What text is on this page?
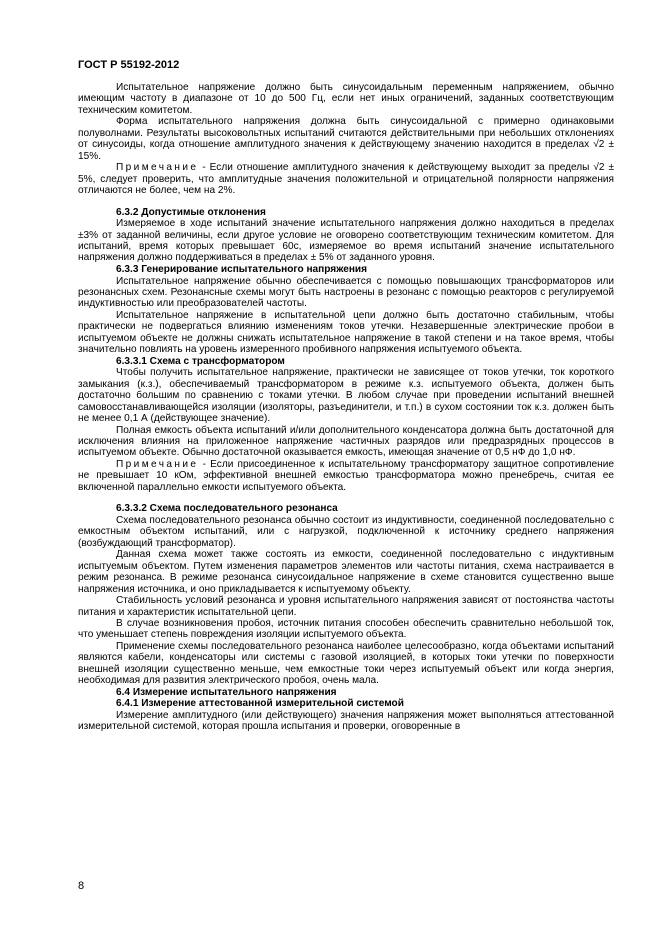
ГОСТ Р 55192-2012

Испытательное напряжение должно быть синусоидальным переменным напряжением, обычно имеющим частоту в диапазоне от 10 до 500 Гц, если нет иных ограничений, заданных соответствующим техническим комитетом.

Форма испытательного напряжения должна быть синусоидальной с примерно одинаковыми полуволнами. Результаты высоковольтных испытаний считаются действительными при небольших отклонениях от синусоиды, когда отношение амплитудного значения к действующему значению находится в пределах √2 ± 15%.

Примечание - Если отношение амплитудного значения к действующему выходит за пределы √2 ± 5%, следует проверить, что амплитудные значения положительной и отрицательной полярности напряжения отличаются не более, чем на 2%.

6.3.2 Допустимые отклонения

Измеряемое в ходе испытаний значение испытательного напряжения должно находиться в пределах ±3% от заданной величины, если другое условие не оговорено соответствующим техническим комитетом. Для испытаний, время которых превышает 60с, измеряемое во время испытаний значение испытательного напряжения должно поддерживаться в пределах ± 5% от заданного уровня.

6.3.3 Генерирование испытательного напряжения

Испытательное напряжение обычно обеспечивается с помощью повышающих трансформаторов или резонансных схем. Резонансные схемы могут быть настроены в резонанс с помощью реакторов с регулируемой индуктивностью или преобразователей частоты.

Испытательное напряжение в испытательной цепи должно быть достаточно стабильным, чтобы практически не подвергаться влиянию изменениям токов утечки. Незавершенные электрические пробои в испытуемом объекте не должны снижать испытательное напряжение в такой степени и на такое время, чтобы значительно повлиять на уровень измеренного пробивного напряжения испытуемого объекта.

6.3.3.1 Схема с трансформатором

Чтобы получить испытательное напряжение, практически не зависящее от токов утечки, ток короткого замыкания (к.з.), обеспечиваемый трансформатором в режиме к.з. испытуемого объекта, должен быть достаточно большим по сравнению с токами утечки. В любом случае при проведении испытаний внешней самовосстанавливающейся изоляции (изоляторы, разъединители, и т.п.) в сухом состоянии ток к.з. должен быть не менее 0,1 А (действующее значение).

Полная емкость объекта испытаний и/или дополнительного конденсатора должна быть достаточной для исключения влияния на приложенное напряжение частичных разрядов или предразрядных процессов в испытуемом объекте. Обычно достаточной оказывается емкость, имеющая значение от 0,5 нФ до 1,0 нФ.

Примечание - Если присоединенное к испытательному трансформатору защитное сопротивление не превышает 10 кОм, эффективной внешней емкостью трансформатора можно пренебречь, считая ее включенной параллельно емкости испытуемого объекта.

6.3.3.2 Схема последовательного резонанса

Схема последовательного резонанса обычно состоит из индуктивности, соединенной последовательно с емкостным объектом испытаний, или с нагрузкой, подключенной к источнику среднего напряжения (возбуждающий трансформатор).

Данная схема может также состоять из емкости, соединенной последовательно с индуктивным испытуемым объектом. Путем изменения параметров элементов или частоты питания, схема настраивается в режим резонанса. В режиме резонанса синусоидальное напряжение в схеме становится существенно выше напряжения источника, и оно прикладывается к испытуемому объекту.

Стабильность условий резонанса и уровня испытательного напряжения зависят от постоянства частоты питания и характеристик испытательной цепи.

В случае возникновения пробоя, источник питания способен обеспечить сравнительно небольшой ток, что уменьшает степень повреждения изоляции испытуемого объекта.

Применение схемы последовательного резонанса наиболее целесообразно, когда объектами испытаний являются кабели, конденсаторы или системы с газовой изоляцией, в которых токи утечки по поверхности внешней изоляции существенно меньше, чем емкостные токи через испытуемый объект или когда энергия, необходимая для развития электрического пробоя, очень мала.

6.4 Измерение испытательного напряжения
6.4.1 Измерение аттестованной измерительной системой

Измерение амплитудного (или действующего) значения напряжения может выполняться аттестованной измерительной системой, которая прошла испытания и проверки, оговоренные в

8
